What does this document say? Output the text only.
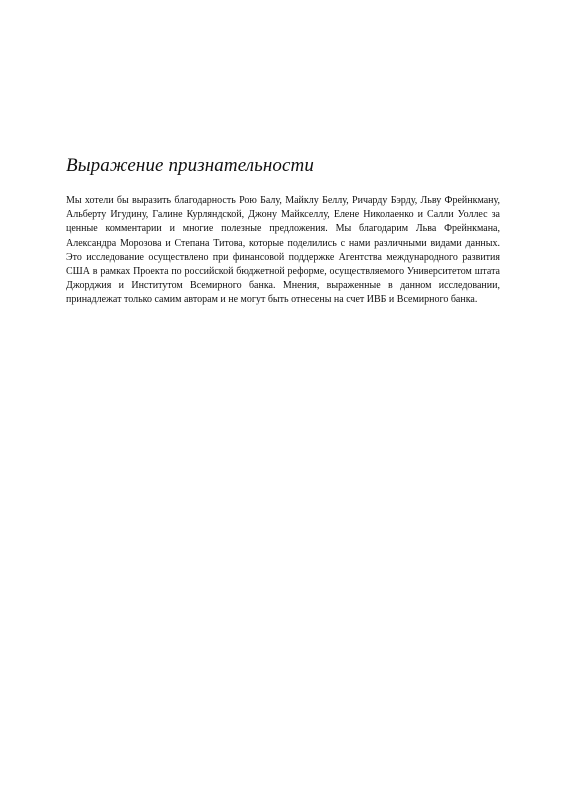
Выражение признательности

Мы хотели бы выразить благодарность Рою Балу, Майклу Беллу, Ричарду Бэрду, Льву Фрейнкману, Альберту Игудину, Галине Курляндской, Джону Майкселлу, Елене Николаенко и Салли Уоллес за ценные комментарии и многие полезные предложения. Мы благодарим Льва Фрейнкмана, Александра Морозова и Степана Титова, которые поделились с нами различными видами данных. Это исследование осуществлено при финансовой поддержке Агентства международного развития США в рамках Проекта по российской бюджетной реформе, осуществляемого Университетом штата Джорджия и Институтом Всемирного банка. Мнения, выраженные в данном исследовании, принадлежат только самим авторам и не могут быть отнесены на счет ИВБ и Всемирного банка.
